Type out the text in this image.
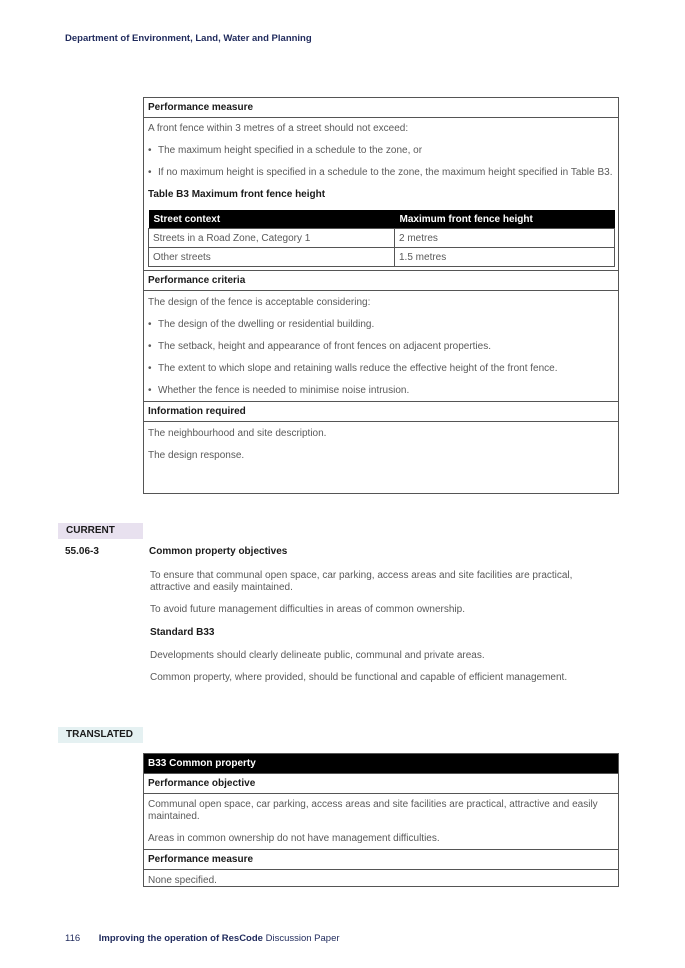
Department of Environment, Land, Water and Planning
Performance measure

A front fence within 3 metres of a street should not exceed:

• The maximum height specified in a schedule to the zone, or

• If no maximum height is specified in a schedule to the zone, the maximum height specified in Table B3.

Table B3 Maximum front fence height
Street context	Maximum front fence height
Streets in a Road Zone, Category 1	2 metres
Other streets	1.5 metres
Performance criteria

The design of the fence is acceptable considering:

• The design of the dwelling or residential building.

• The setback, height and appearance of front fences on adjacent properties.

• The extent to which slope and retaining walls reduce the effective height of the front fence.

• Whether the fence is needed to minimise noise intrusion.

Information required

The neighbourhood and site description.

The design response.

CURRENT
55.06-3	Common property objectives

To ensure that communal open space, car parking, access areas and site facilities are practical, attractive and easily maintained.

To avoid future management difficulties in areas of common ownership.

Standard B33

Developments should clearly delineate public, communal and private areas.

Common property, where provided, should be functional and capable of efficient management.

TRANSLATED
B33 Common property
Performance objective

Communal open space, car parking, access areas and site facilities are practical, attractive and easily maintained.

Areas in common ownership do not have management difficulties.

Performance measure

None specified.

116 Improving the operation of ResCode Discussion Paper
